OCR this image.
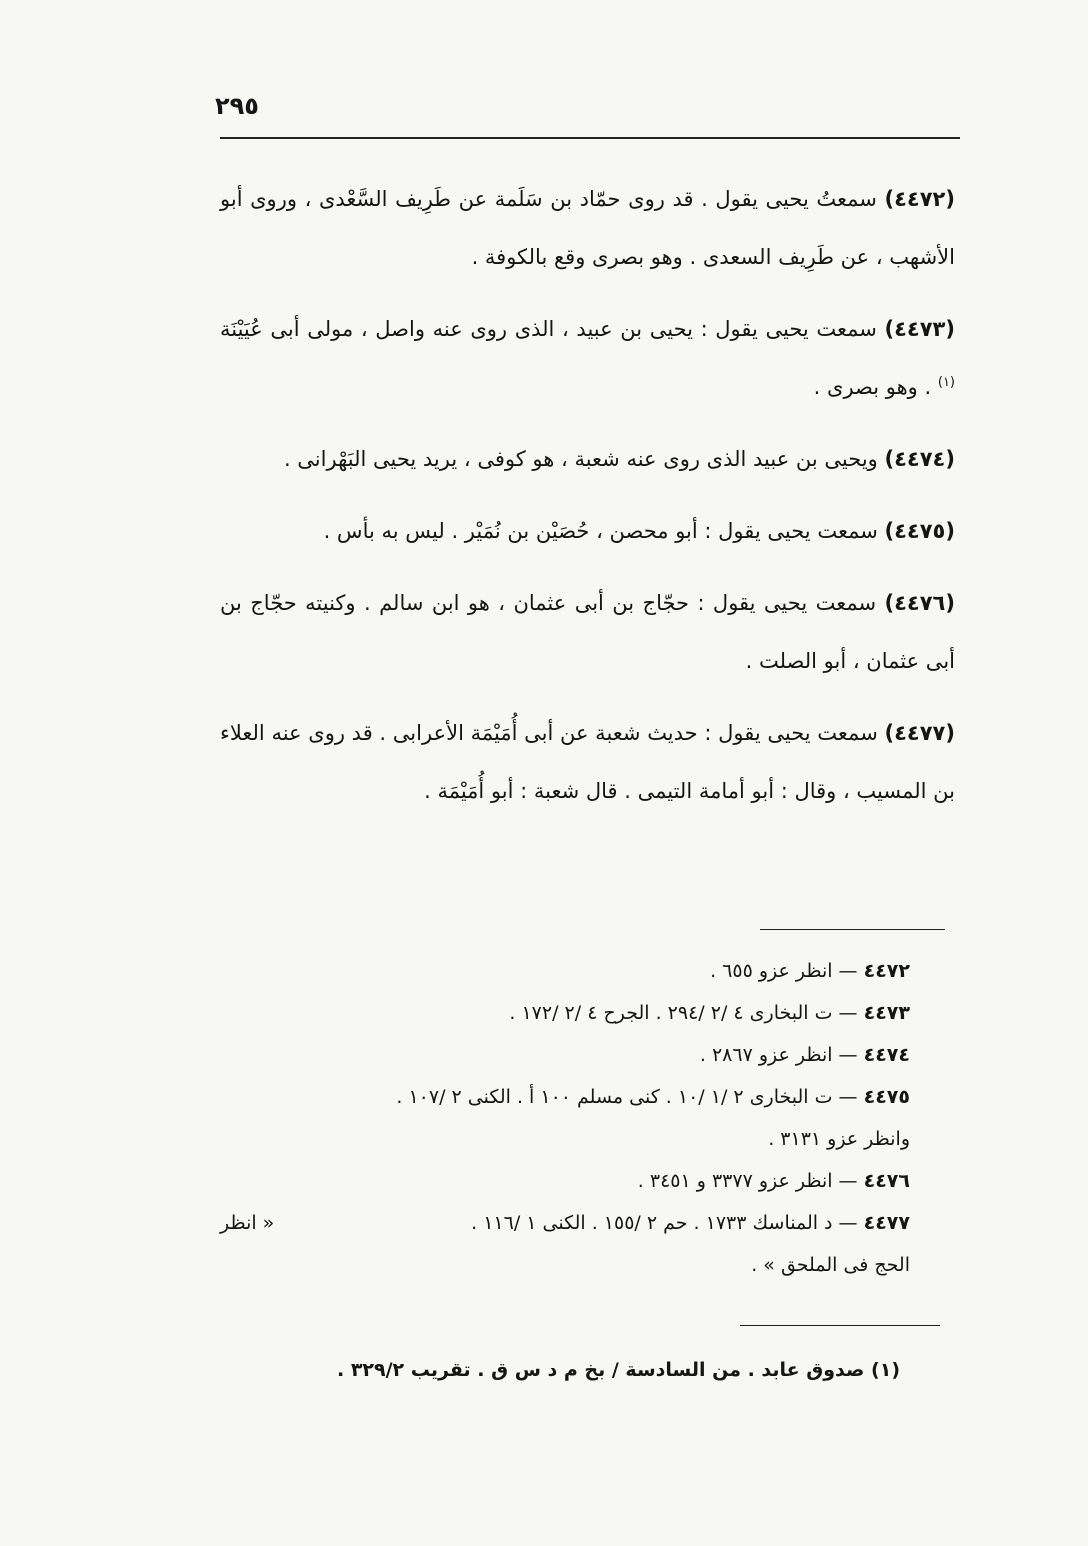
٢٩٥

(٤٤٧٢) سمعتُ يحيى يقول . قد روى حمّاد بن سَلَمة عن طَرِيف السَّعْدى ، وروى أبو الأشهب ، عن طَرِيف السعدى . وهو بصرى وقع بالكوفة .

(٤٤٧٣) سمعت يحيى يقول : يحيى بن عبيد ، الذى روى عنه واصل ، مولى أبى عُيَيْنَة $^{(١)}$ . وهو بصرى .

(٤٤٧٤) ويحيى بن عبيد الذى روى عنه شعبة ، هو كوفى ، يريد يحيى البَهْرانى .

(٤٤٧٥) سمعت يحيى يقول : أبو محصن ، حُصَيْن بن نُمَيْر . ليس به بأس .

(٤٤٧٦) سمعت يحيى يقول : حجّاج بن أبى عثمان ، هو ابن سالم . وكنيته حجّاج بن أبى عثمان ، أبو الصلت .

(٤٤٧٧) سمعت يحيى يقول : حديث شعبة عن أبى أُمَيْمَة الأعرابى . قد روى عنه العلاء بن المسيب ، وقال : أبو أمامة التيمى . قال شعبة : أبو أُمَيْمَة .

٤٤٧٢ — انظر عزو ٦٥٥ .
٤٤٧٣ — ت البخارى ٤ /٢ /٢٩٤ . الجرح ٤ /٢ /١٧٢ .
٤٤٧٤ — انظر عزو ٢٨٦٧ .
٤٤٧٥ — ت البخارى ٢ /١ /١٠ . كنى مسلم ١٠٠ أ . الكنى ٢ /١٠٧ .
وانظر عزو ٣١٣١ .
٤٤٧٦ — انظر عزو ٣٣٧٧ و ٣٤٥١ .
٤٤٧٧ — د المناسك ١٧٣٣ . حم ٢ /١٥٥ . الكنى ١ /١١٦ .
« انظر
الحج فى الملحق » .
(١) صدوق عابد . من السادسة / بخ م د س ق . تقريب ٣٢٩/٢ .
